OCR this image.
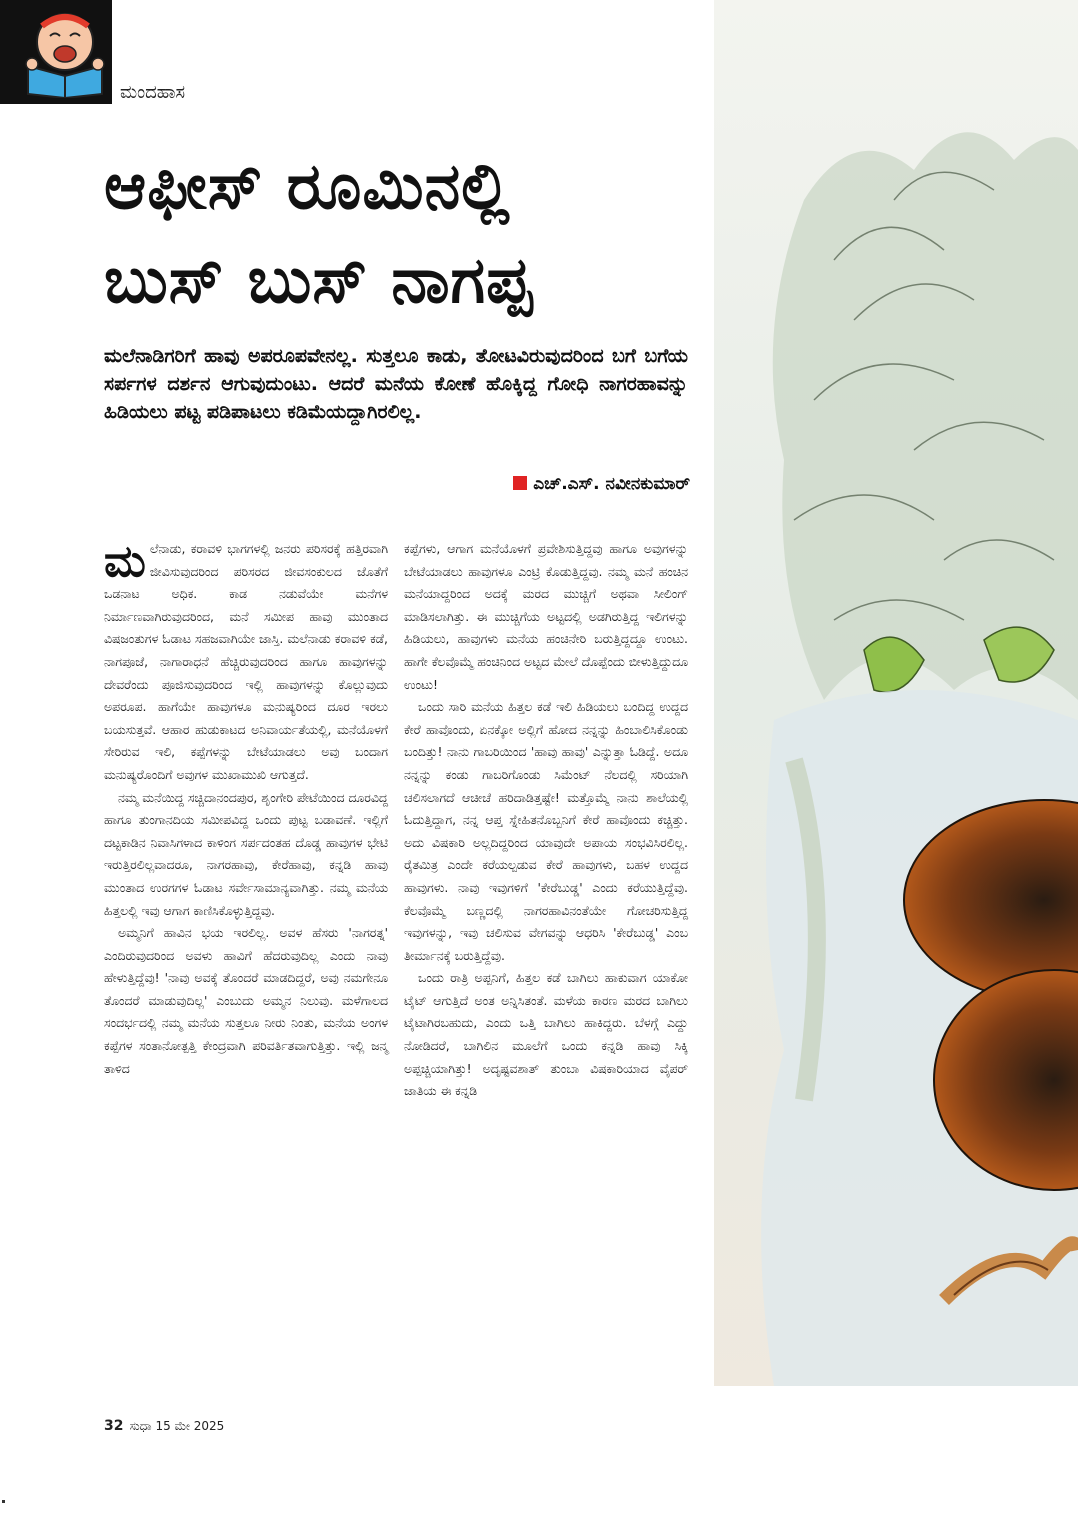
ಮಂದಹಾಸ
ಆಫೀಸ್ ರೂಮಿನಲ್ಲಿ
ಬುಸ್ ಬುಸ್ ನಾಗಪ್ಪ
ಮಲೆನಾಡಿಗರಿಗೆ ಹಾವು ಅಪರೂಪವೇನಲ್ಲ. ಸುತ್ತಲೂ ಕಾಡು, ತೋಟವಿರುವುದರಿಂದ ಬಗೆ ಬಗೆಯ ಸರ್ಪಗಳ ದರ್ಶನ ಆಗುವುದುಂಟು. ಆದರೆ ಮನೆಯ ಕೋಣೆ ಹೊಕ್ಕಿದ್ದ ಗೋಧಿ ನಾಗರಹಾವನ್ನು ಹಿಡಿಯಲು ಪಟ್ಟ ಪಡಿಪಾಟಲು ಕಡಿಮೆಯದ್ದಾಗಿರಲಿಲ್ಲ.
ಎಚ್.ಎಸ್. ನವೀನಕುಮಾರ್
ಮ ಲೆನಾಡು, ಕರಾವಳಿ ಭಾಗಗಳಲ್ಲಿ ಜನರು ಪರಿಸರಕ್ಕೆ ಹತ್ತಿರವಾಗಿ ಜೀವಿಸುವುದರಿಂದ ಪರಿಸರದ ಜೀವಸಂಕುಲದ ಜೊತೆಗೆ ಒಡನಾಟ ಅಧಿಕ. ಕಾಡ ನಡುವೆಯೇ ಮನೆಗಳ ನಿರ್ಮಾಣವಾಗಿರುವುದರಿಂದ, ಮನೆ ಸಮೀಪ ಹಾವು ಮುಂತಾದ ವಿಷಜಂತುಗಳ ಓಡಾಟ ಸಹಜವಾಗಿಯೇ ಜಾಸ್ತಿ. ಮಲೆನಾಡು ಕರಾವಳಿ ಕಡೆ, ನಾಗಪೂಜೆ, ನಾಗಾರಾಧನೆ ಹೆಚ್ಚಿರುವುದರಿಂದ ಹಾಗೂ ಹಾವುಗಳನ್ನು ದೇವರೆಂದು ಪೂಜಿಸುವುದರಿಂದ ಇಲ್ಲಿ ಹಾವುಗಳನ್ನು ಕೊಲ್ಲುವುದು ಅಪರೂಪ. ಹಾಗೆಯೇ ಹಾವುಗಳೂ ಮನುಷ್ಯರಿಂದ ದೂರ ಇರಲು ಬಯಸುತ್ತವೆ. ಆಹಾರ ಹುಡುಕಾಟದ ಅನಿವಾರ್ಯತೆಯಲ್ಲಿ, ಮನೆಯೊಳಗೆ ಸೇರಿರುವ ಇಲಿ, ಕಪ್ಪೆಗಳನ್ನು ಬೇಟೆಯಾಡಲು ಅವು ಬಂದಾಗ ಮನುಷ್ಯರೊಂದಿಗೆ ಅವುಗಳ ಮುಖಾಮುಖಿ ಆಗುತ್ತದೆ.

ನಮ್ಮ ಮನೆಯಿದ್ದ ಸಚ್ಚಿದಾನಂದಪುರ, ಶೃಂಗೇರಿ ಪೇಟೆಯಿಂದ ದೂರವಿದ್ದ ಹಾಗೂ ತುಂಗಾನದಿಯ ಸಮೀಪವಿದ್ದ ಒಂದು ಪುಟ್ಟ ಬಡಾವಣೆ. ಇಲ್ಲಿಗೆ ದಟ್ಟಕಾಡಿನ ನಿವಾಸಿಗಳಾದ ಕಾಳಿಂಗ ಸರ್ಪದಂತಹ ದೊಡ್ಡ ಹಾವುಗಳ ಭೇಟಿ ಇರುತ್ತಿರಲಿಲ್ಲವಾದರೂ, ನಾಗರಹಾವು, ಕೇರೆಹಾವು, ಕನ್ನಡಿ ಹಾವು ಮುಂತಾದ ಉರಗಗಳ ಓಡಾಟ ಸರ್ವೇಸಾಮಾನ್ಯವಾಗಿತ್ತು. ನಮ್ಮ ಮನೆಯ ಹಿತ್ತಲಲ್ಲಿ ಇವು ಆಗಾಗ ಕಾಣಿಸಿಕೊಳ್ಳುತ್ತಿದ್ದವು.

ಅಮ್ಮನಿಗೆ ಹಾವಿನ ಭಯ ಇರಲಿಲ್ಲ. ಅವಳ ಹೆಸರು 'ನಾಗರತ್ನ' ಎಂದಿರುವುದರಿಂದ ಅವಳು ಹಾವಿಗೆ ಹೆದರುವುದಿಲ್ಲ ಎಂದು ನಾವು ಹೇಳುತ್ತಿದ್ದೆವು! 'ನಾವು ಅವಕ್ಕೆ ತೊಂದರೆ ಮಾಡದಿದ್ದರೆ, ಅವು ನಮಗೇನೂ ತೊಂದರೆ ಮಾಡುವುದಿಲ್ಲ' ಎಂಬುದು ಅಮ್ಮನ ನಿಲುವು. ಮಳೆಗಾಲದ ಸಂದರ್ಭದಲ್ಲಿ ನಮ್ಮ ಮನೆಯ ಸುತ್ತಲೂ ನೀರು ನಿಂತು, ಮನೆಯ ಅಂಗಳ ಕಪ್ಪೆಗಳ ಸಂತಾನೋತ್ಪತ್ತಿ ಕೇಂದ್ರವಾಗಿ ಪರಿವರ್ತಿತವಾಗುತ್ತಿತ್ತು. ಇಲ್ಲಿ ಜನ್ಮ ತಾಳಿದ

ಕಪ್ಪೆಗಳು, ಆಗಾಗ ಮನೆಯೊಳಗೆ ಪ್ರವೇಶಿಸುತ್ತಿದ್ದವು ಹಾಗೂ ಅವುಗಳನ್ನು ಬೇಟೆಯಾಡಲು ಹಾವುಗಳೂ ಎಂಟ್ರಿ ಕೊಡುತ್ತಿದ್ದವು. ನಮ್ಮ ಮನೆ ಹಂಚಿನ ಮನೆಯಾದ್ದರಿಂದ ಅದಕ್ಕೆ ಮರದ ಮುಚ್ಚಿಗೆ ಅಥವಾ ಸೀಲಿಂಗ್ ಮಾಡಿಸಲಾಗಿತ್ತು. ಈ ಮುಚ್ಚಿಗೆಯ ಅಟ್ಟದಲ್ಲಿ ಅಡಗಿರುತ್ತಿದ್ದ ಇಲಿಗಳನ್ನು ಹಿಡಿಯಲು, ಹಾವುಗಳು ಮನೆಯ ಹಂಚಿನೇರಿ ಬರುತ್ತಿದ್ದದ್ದೂ ಉಂಟು. ಹಾಗೇ ಕೆಲವೊಮ್ಮೆ ಹಂಚಿನಿಂದ ಅಟ್ಟದ ಮೇಲೆ ದೊಪ್ಪೆಂದು ಬೀಳುತ್ತಿದ್ದುದೂ ಉಂಟು!

ಒಂದು ಸಾರಿ ಮನೆಯ ಹಿತ್ತಲ ಕಡೆ ಇಲಿ ಹಿಡಿಯಲು ಬಂದಿದ್ದ ಉದ್ದದ ಕೇರೆ ಹಾವೊಂದು, ಏನಕ್ಕೋ ಅಲ್ಲಿಗೆ ಹೋದ ನನ್ನನ್ನು ಹಿಂಬಾಲಿಸಿಕೊಂಡು ಬಂದಿತ್ತು! ನಾನು ಗಾಬರಿಯಿಂದ 'ಹಾವು ಹಾವು' ಎನ್ನುತ್ತಾ ಓಡಿದ್ದೆ. ಅದೂ ನನ್ನನ್ನು ಕಂಡು ಗಾಬರಿಗೊಂಡು ಸಿಮೆಂಟ್ ನೆಲದಲ್ಲಿ ಸರಿಯಾಗಿ ಚಲಿಸಲಾಗದೆ ಆಚೀಚೆ ಹರಿದಾಡಿತ್ತಷ್ಟೇ! ಮತ್ತೊಮ್ಮೆ ನಾನು ಶಾಲೆಯಲ್ಲಿ ಓದುತ್ತಿದ್ದಾಗ, ನನ್ನ ಆಪ್ತ ಸ್ನೇಹಿತನೊಬ್ಬನಿಗೆ ಕೇರೆ ಹಾವೊಂದು ಕಚ್ಚಿತ್ತು. ಅದು ವಿಷಕಾರಿ ಅಲ್ಲದಿದ್ದರಿಂದ ಯಾವುದೇ ಅಪಾಯ ಸಂಭವಿಸಿರಲಿಲ್ಲ. ರೈತಮಿತ್ರ ಎಂದೇ ಕರೆಯಲ್ಪಡುವ ಕೇರೆ ಹಾವುಗಳು, ಬಹಳ ಉದ್ದದ ಹಾವುಗಳು. ನಾವು ಇವುಗಳಿಗೆ 'ಕೇರೆಬುಡ್ಡ' ಎಂದು ಕರೆಯುತ್ತಿದ್ದೆವು. ಕೆಲವೊಮ್ಮೆ ಬಣ್ಣದಲ್ಲಿ ನಾಗರಹಾವಿನಂತೆಯೇ ಗೋಚರಿಸುತ್ತಿದ್ದ ಇವುಗಳನ್ನು, ಇವು ಚಲಿಸುವ ವೇಗವನ್ನು ಆಧರಿಸಿ 'ಕೇರೆಬುಡ್ಡ' ಎಂಬ ತೀರ್ಮಾನಕ್ಕೆ ಬರುತ್ತಿದ್ದೆವು.

ಒಂದು ರಾತ್ರಿ ಅಪ್ಪನಿಗೆ, ಹಿತ್ತಲ ಕಡೆ ಬಾಗಿಲು ಹಾಕುವಾಗ ಯಾಕೋ ಟೈಟ್ ಆಗುತ್ತಿದೆ ಅಂತ ಅನ್ನಿಸಿತಂತೆ. ಮಳೆಯ ಕಾರಣ ಮರದ ಬಾಗಿಲು ಟೈಟಾಗಿರಬಹುದು, ಎಂದು ಒತ್ತಿ ಬಾಗಿಲು ಹಾಕಿದ್ದರು. ಬೆಳಗ್ಗೆ ಎದ್ದು ನೋಡಿದರೆ, ಬಾಗಿಲಿನ ಮೂಲೆಗೆ ಒಂದು ಕನ್ನಡಿ ಹಾವು ಸಿಕ್ಕಿ ಅಪ್ಪಚ್ಚಿಯಾಗಿತ್ತು! ಅದೃಷ್ಟವಶಾತ್ ತುಂಬಾ ವಿಷಕಾರಿಯಾದ ವೈಪರ್ ಜಾತಿಯ ಈ ಕನ್ನಡಿ

32 ಸುಧಾ 15 ಮೇ 2025
